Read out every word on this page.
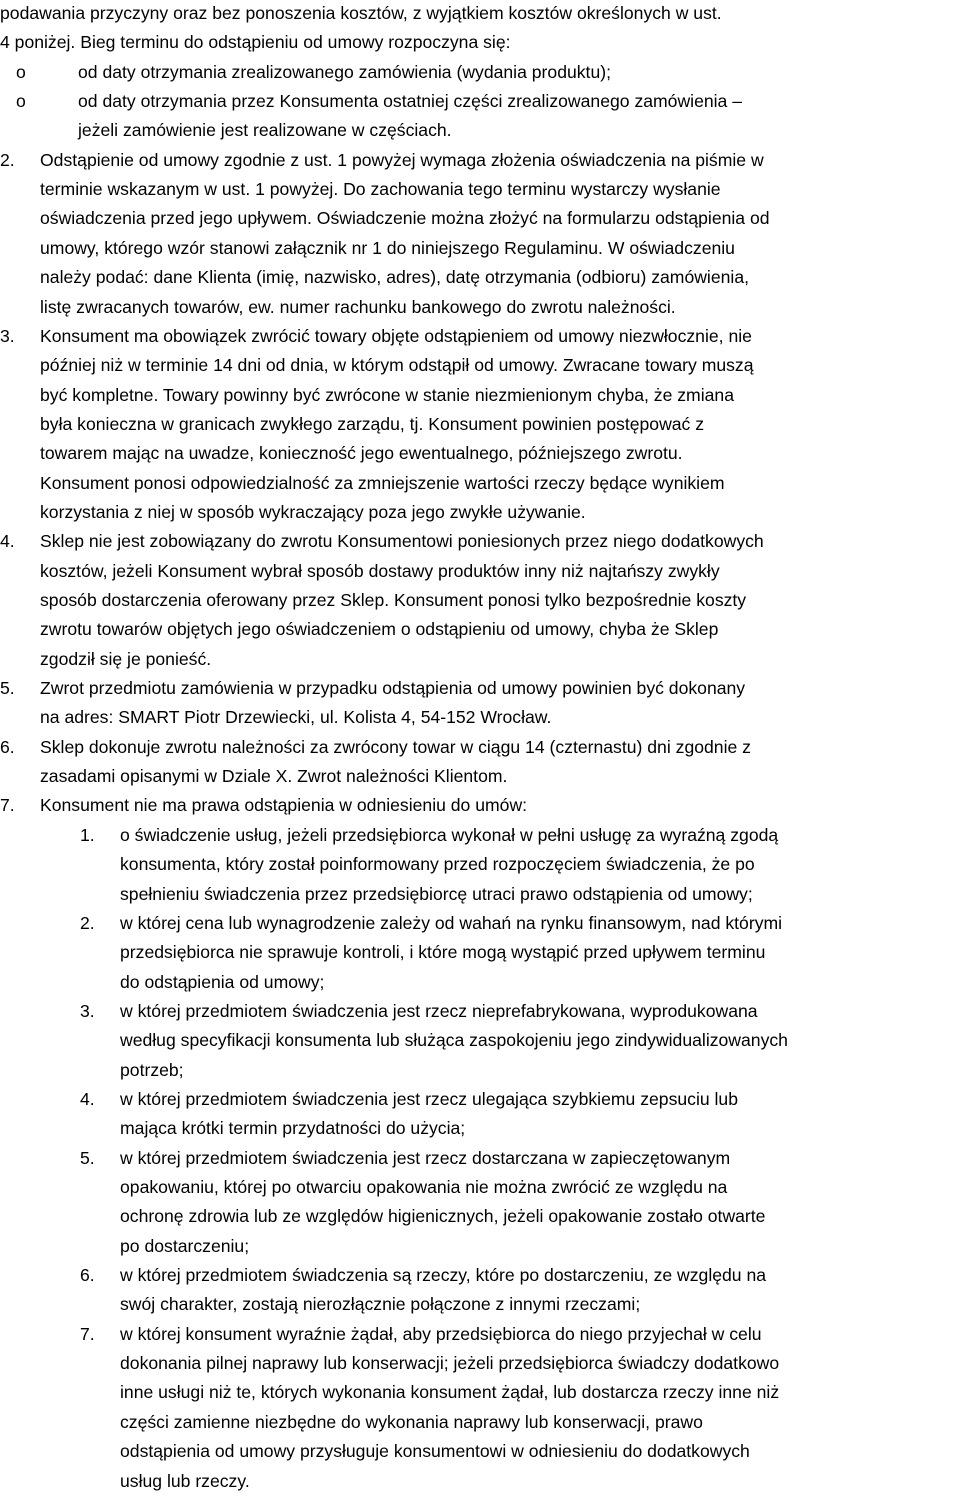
podawania przyczyny oraz bez ponoszenia kosztów, z wyjątkiem kosztów określonych w ust.
4 poniżej. Bieg terminu do odstąpieniu od umowy rozpoczyna się:
o	od daty otrzymania zrealizowanego zamówienia (wydania produktu);
o	od daty otrzymania przez Konsumenta ostatniej części zrealizowanego zamówienia –
jeżeli zamówienie jest realizowane w częściach.
2. Odstąpienie od umowy zgodnie z ust. 1 powyżej wymaga złożenia oświadczenia na piśmie w
terminie wskazanym w ust. 1 powyżej. Do zachowania tego terminu wystarczy wysłanie
oświadczenia przed jego upływem. Oświadczenie można złożyć na formularzu odstąpienia od
umowy, którego wzór stanowi załącznik nr 1 do niniejszego Regulaminu. W oświadczeniu
należy podać: dane Klienta (imię, nazwisko, adres), datę otrzymania (odbioru) zamówienia,
listę zwracanych towarów, ew. numer rachunku bankowego do zwrotu należności.
3. Konsument ma obowiązek zwrócić towary objęte odstąpieniem od umowy niezwłocznie, nie
później niż w terminie 14 dni od dnia, w którym odstąpił od umowy. Zwracane towary muszą
być kompletne. Towary powinny być zwrócone w stanie niezmienionym chyba, że zmiana
była konieczna w granicach zwykłego zarządu, tj. Konsument powinien postępować z
towarem mając na uwadze, konieczność jego ewentualnego, późniejszego zwrotu.
Konsument ponosi odpowiedzialność za zmniejszenie wartości rzeczy będące wynikiem
korzystania z niej w sposób wykraczający poza jego zwykłe używanie.
4. Sklep nie jest zobowiązany do zwrotu Konsumentowi poniesionych przez niego dodatkowych
kosztów, jeżeli Konsument wybrał sposób dostawy produktów inny niż najtańszy zwykły
sposób dostarczenia oferowany przez Sklep. Konsument ponosi tylko bezpośrednie koszty
zwrotu towarów objętych jego oświadczeniem o odstąpieniu od umowy, chyba że Sklep
zgodził się je ponieść.
5. Zwrot przedmiotu zamówienia w przypadku odstąpienia od umowy powinien być dokonany
na adres: SMART Piotr Drzewiecki, ul. Kolista 4, 54-152 Wrocław.
6. Sklep dokonuje zwrotu należności za zwrócony towar w ciągu 14 (czternastu) dni zgodnie z
zasadami opisanymi w Dziale X. Zwrot należności Klientom.
7. Konsument nie ma prawa odstąpienia w odniesieniu do umów:
1. o świadczenie usług, jeżeli przedsiębiorca wykonał w pełni usługę za wyraźną zgodą
konsumenta, który został poinformowany przed rozpoczęciem świadczenia, że po
spełnieniu świadczenia przez przedsiębiorcę utraci prawo odstąpienia od umowy;
2. w której cena lub wynagrodzenie zależy od wahań na rynku finansowym, nad którymi
przedsiębiorca nie sprawuje kontroli, i które mogą wystąpić przed upływem terminu
do odstąpienia od umowy;
3. w której przedmiotem świadczenia jest rzecz nieprefabrykowana, wyprodukowana
według specyfikacji konsumenta lub służąca zaspokojeniu jego zindywidualizowanych
potrzeb;
4. w której przedmiotem świadczenia jest rzecz ulegająca szybkiemu zepsuciu lub
mająca krótki termin przydatności do użycia;
5. w której przedmiotem świadczenia jest rzecz dostarczana w zapieczętowanym
opakowaniu, której po otwarciu opakowania nie można zwrócić ze względu na
ochronę zdrowia lub ze względów higienicznych, jeżeli opakowanie zostało otwarte
po dostarczeniu;
6. w której przedmiotem świadczenia są rzeczy, które po dostarczeniu, ze względu na
swój charakter, zostają nierozłącznie połączone z innymi rzeczami;
7. w której konsument wyraźnie żądał, aby przedsiębiorca do niego przyjechał w celu
dokonania pilnej naprawy lub konserwacji; jeżeli przedsiębiorca świadczy dodatkowo
inne usługi niż te, których wykonania konsument żądał, lub dostarcza rzeczy inne niż
części zamienne niezbędne do wykonania naprawy lub konserwacji, prawo
odstąpienia od umowy przysługuje konsumentowi w odniesieniu do dodatkowych
usług lub rzeczy.
